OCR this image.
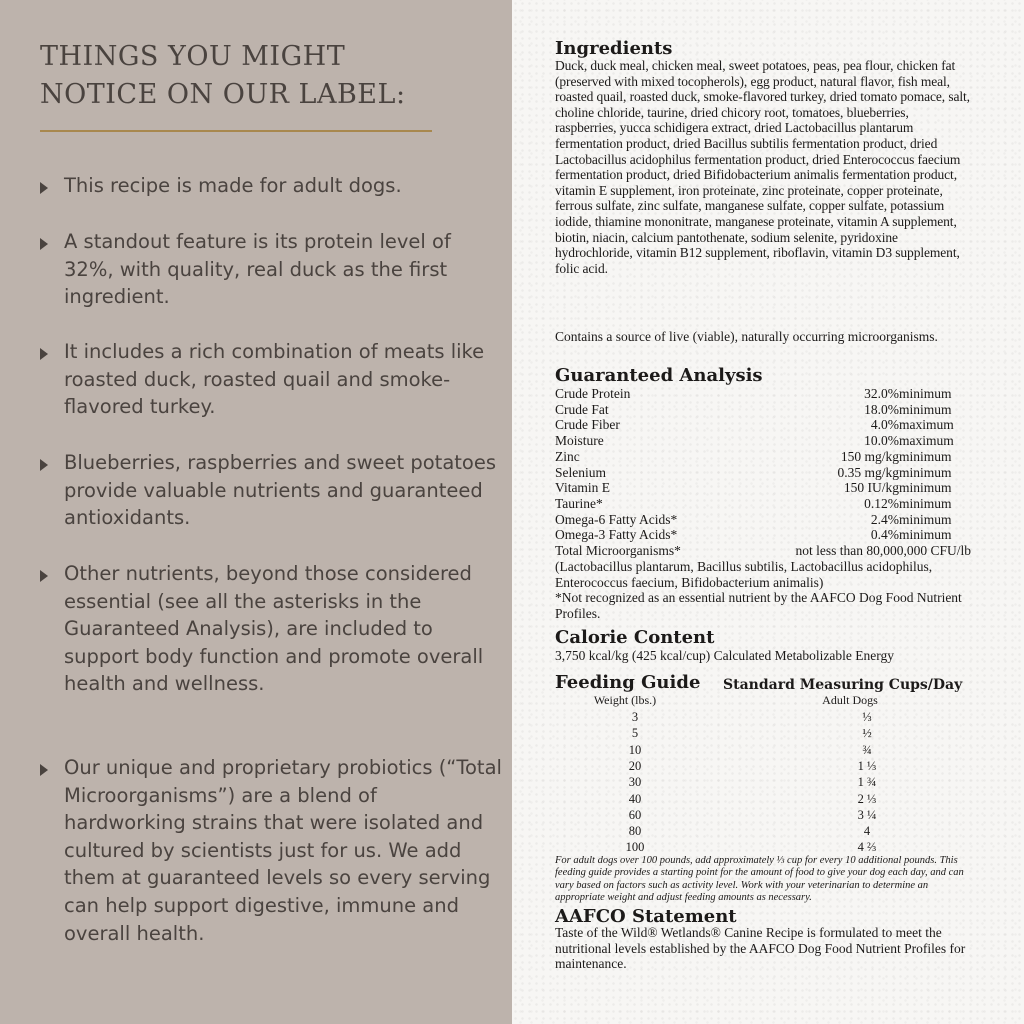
THINGS YOU MIGHT NOTICE ON OUR LABEL:
This recipe is made for adult dogs.
A standout feature is its protein level of 32%, with quality, real duck as the first ingredient.
It includes a rich combination of meats like roasted duck, roasted quail and smoke-flavored turkey.
Blueberries, raspberries and sweet potatoes provide valuable nutrients and guaranteed antioxidants.
Other nutrients, beyond those considered essential (see all the asterisks in the Guaranteed Analysis), are included to support body function and promote overall health and wellness.
Our unique and proprietary probiotics (“Total Microorganisms”) are a blend of hardworking strains that were isolated and cultured by scientists just for us. We add them at guaranteed levels so every serving can help support digestive, immune and overall health.
Ingredients
Duck, duck meal, chicken meal, sweet potatoes, peas, pea flour, chicken fat (preserved with mixed tocopherols), egg product, natural flavor, fish meal, roasted quail, roasted duck, smoke-flavored turkey, dried tomato pomace, salt, choline chloride, taurine, dried chicory root, tomatoes, blueberries, raspberries, yucca schidigera extract, dried Lactobacillus plantarum fermentation product, dried Bacillus subtilis fermentation product, dried Lactobacillus acidophilus fermentation product, dried Enterococcus faecium fermentation product, dried Bifidobacterium animalis fermentation product, vitamin E supplement, iron proteinate, zinc proteinate, copper proteinate, ferrous sulfate, zinc sulfate, manganese sulfate, copper sulfate, potassium iodide, thiamine mononitrate, manganese proteinate, vitamin A supplement, biotin, niacin, calcium pantothenate, sodium selenite, pyridoxine hydrochloride, vitamin B12 supplement, riboflavin, vitamin D3 supplement, folic acid.
Contains a source of live (viable), naturally occurring microorganisms.
Guaranteed Analysis
Crude Protein	32.0% minimum
Crude Fat	18.0% minimum
Crude Fiber	4.0% maximum
Moisture	10.0% maximum
Zinc	150 mg/kg minimum
Selenium	0.35 mg/kg minimum
Vitamin E	150 IU/kg minimum
Taurine*	0.12% minimum
Omega-6 Fatty Acids*	2.4% minimum
Omega-3 Fatty Acids*	0.4% minimum
Total Microorganisms*	not less than 80,000,000 CFU/lb
(Lactobacillus plantarum, Bacillus subtilis, Lactobacillus acidophilus, Enterococcus faecium, Bifidobacterium animalis)
*Not recognized as an essential nutrient by the AAFCO Dog Food Nutrient Profiles.
Calorie Content
3,750 kcal/kg (425 kcal/cup) Calculated Metabolizable Energy
Feeding Guide Standard Measuring Cups/Day
Weight (lbs.)	Adult Dogs
3	⅓
5	½
10	¾
20	1 ⅓
30	1 ¾
40	2 ⅓
60	3 ¼
80	4
100	4 ⅔
For adult dogs over 100 pounds, add approximately ⅓ cup for every 10 additional pounds. This feeding guide provides a starting point for the amount of food to give your dog each day, and can vary based on factors such as activity level. Work with your veterinarian to determine an appropriate weight and adjust feeding amounts as necessary.
AAFCO Statement
Taste of the Wild® Wetlands® Canine Recipe is formulated to meet the nutritional levels established by the AAFCO Dog Food Nutrient Profiles for maintenance.
